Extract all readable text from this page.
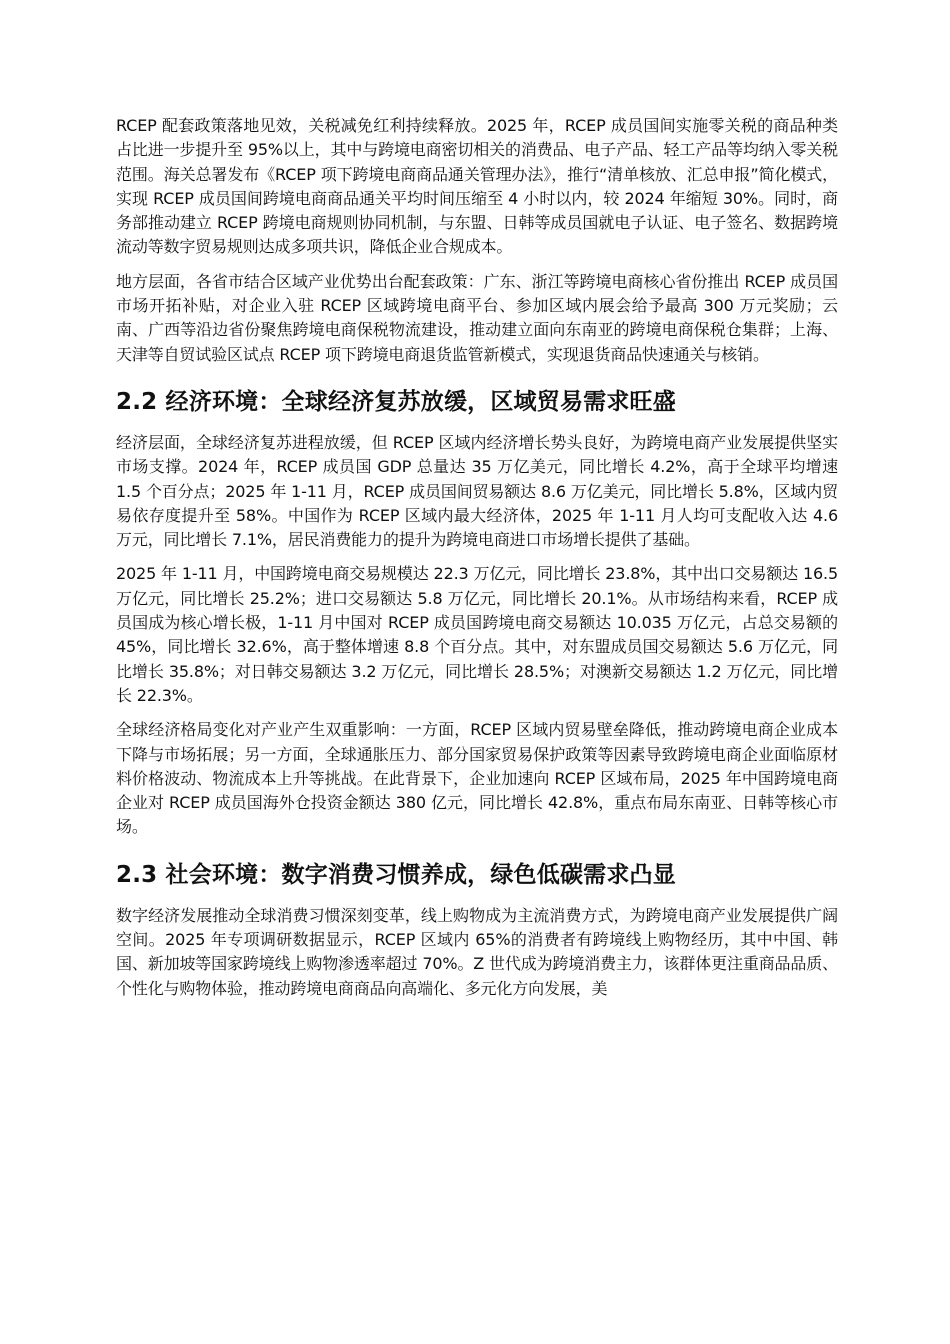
RCEP 配套政策落地见效，关税减免红利持续释放。2025 年，RCEP 成员国间实施零关税的商品种类占比进一步提升至 95%以上，其中与跨境电商密切相关的消费品、电子产品、轻工产品等均纳入零关税范围。海关总署发布《RCEP 项下跨境电商商品通关管理办法》，推行“清单核放、汇总申报”简化模式，实现 RCEP 成员国间跨境电商商品通关平均时间压缩至 4 小时以内，较 2024 年缩短 30%。同时，商务部推动建立 RCEP 跨境电商规则协同机制，与东盟、日韩等成员国就电子认证、电子签名、数据跨境流动等数字贸易规则达成多项共识，降低企业合规成本。

地方层面，各省市结合区域产业优势出台配套政策：广东、浙江等跨境电商核心省份推出 RCEP 成员国市场开拓补贴，对企业入驻 RCEP 区域跨境电商平台、参加区域内展会给予最高 300 万元奖励；云南、广西等沿边省份聚焦跨境电商保税物流建设，推动建立面向东南亚的跨境电商保税仓集群；上海、天津等自贸试验区试点 RCEP 项下跨境电商退货监管新模式，实现退货商品快速通关与核销。

2.2 经济环境：全球经济复苏放缓，区域贸易需求旺盛

经济层面，全球经济复苏进程放缓，但 RCEP 区域内经济增长势头良好，为跨境电商产业发展提供坚实市场支撑。2024 年，RCEP 成员国 GDP 总量达 35 万亿美元，同比增长 4.2%，高于全球平均增速 1.5 个百分点；2025 年 1-11 月，RCEP 成员国间贸易额达 8.6 万亿美元，同比增长 5.8%，区域内贸易依存度提升至 58%。中国作为 RCEP 区域内最大经济体，2025 年 1-11 月人均可支配收入达 4.6 万元，同比增长 7.1%，居民消费能力的提升为跨境电商进口市场增长提供了基础。

2025 年 1-11 月，中国跨境电商交易规模达 22.3 万亿元，同比增长 23.8%，其中出口交易额达 16.5 万亿元，同比增长 25.2%；进口交易额达 5.8 万亿元，同比增长 20.1%。从市场结构来看，RCEP 成员国成为核心增长极，1-11 月中国对 RCEP 成员国跨境电商交易额达 10.035 万亿元，占总交易额的 45%，同比增长 32.6%，高于整体增速 8.8 个百分点。其中，对东盟成员国交易额达 5.6 万亿元，同比增长 35.8%；对日韩交易额达 3.2 万亿元，同比增长 28.5%；对澳新交易额达 1.2 万亿元，同比增长 22.3%。

全球经济格局变化对产业产生双重影响：一方面，RCEP 区域内贸易壁垒降低，推动跨境电商企业成本下降与市场拓展；另一方面，全球通胀压力、部分国家贸易保护政策等因素导致跨境电商企业面临原材料价格波动、物流成本上升等挑战。在此背景下，企业加速向 RCEP 区域布局，2025 年中国跨境电商企业对 RCEP 成员国海外仓投资金额达 380 亿元，同比增长 42.8%，重点布局东南亚、日韩等核心市场。

2.3 社会环境：数字消费习惯养成，绿色低碳需求凸显

数字经济发展推动全球消费习惯深刻变革，线上购物成为主流消费方式，为跨境电商产业发展提供广阔空间。2025 年专项调研数据显示，RCEP 区域内 65%的消费者有跨境线上购物经历，其中中国、韩国、新加坡等国家跨境线上购物渗透率超过 70%。Z 世代成为跨境消费主力，该群体更注重商品品质、个性化与购物体验，推动跨境电商商品向高端化、多元化方向发展，美
